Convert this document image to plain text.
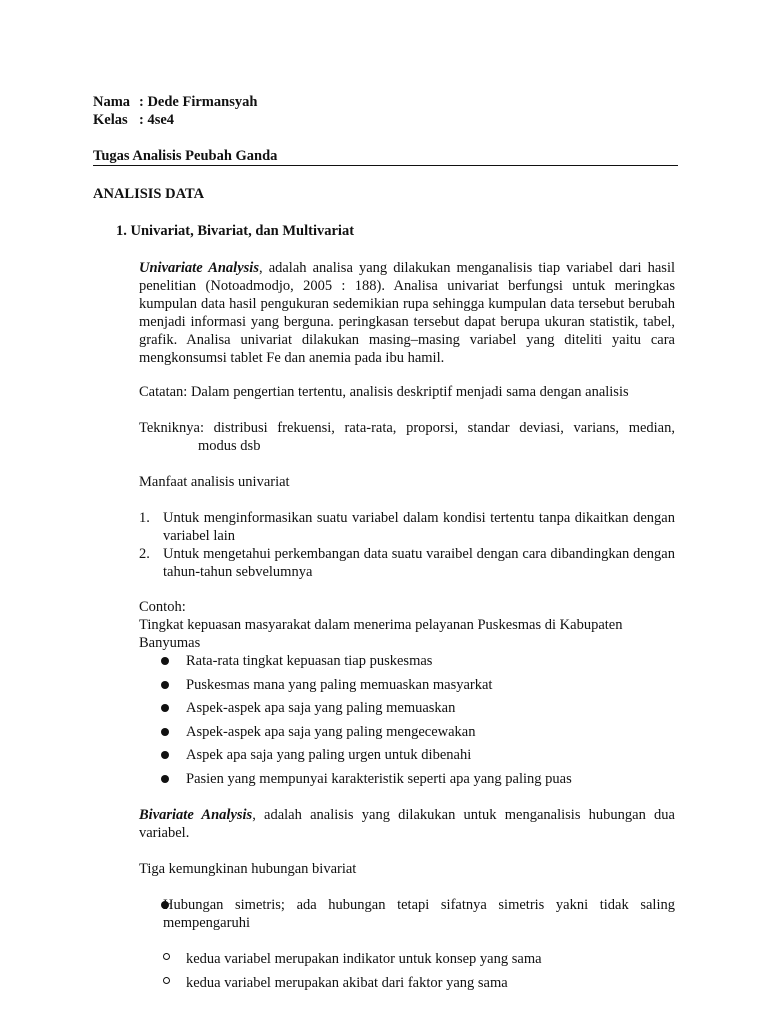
Nama : Dede Firmansyah
Kelas : 4se4
Tugas Analisis Peubah Ganda
ANALISIS DATA
1. Univariat, Bivariat, dan Multivariat
Univariate Analysis, adalah analisa yang dilakukan menganalisis tiap variabel dari hasil penelitian (Notoadmodjo, 2005 : 188). Analisa univariat berfungsi untuk meringkas kumpulan data hasil pengukuran sedemikian rupa sehingga kumpulan data tersebut berubah menjadi informasi yang berguna. peringkasan tersebut dapat berupa ukuran statistik, tabel, grafik. Analisa univariat dilakukan masing–masing variabel yang diteliti yaitu cara mengkonsumsi tablet Fe dan anemia pada ibu hamil.
Catatan: Dalam pengertian tertentu, analisis deskriptif menjadi sama dengan analisis
Tekniknya: distribusi frekuensi, rata-rata, proporsi, standar deviasi, varians, median,
modus dsb
Manfaat analisis univariat
1. Untuk menginformasikan suatu variabel dalam kondisi tertentu tanpa dikaitkan dengan variabel lain
2. Untuk mengetahui perkembangan data suatu varaibel dengan cara dibandingkan dengan tahun-tahun sebvelumnya
Contoh:
Tingkat kepuasan masyarakat dalam menerima pelayanan Puskesmas di Kabupaten Banyumas
Rata-rata tingkat kepuasan tiap puskesmas
Puskesmas mana yang paling memuaskan masyarkat
Aspek-aspek apa saja yang paling memuaskan
Aspek-aspek apa saja yang paling mengecewakan
Aspek apa saja yang paling urgen untuk dibenahi
Pasien yang mempunyai karakteristik seperti apa yang paling puas
Bivariate Analysis, adalah analisis yang dilakukan untuk menganalisis hubungan dua variabel.
Tiga kemungkinan hubungan bivariat
Hubungan simetris; ada hubungan tetapi sifatnya simetris yakni tidak saling mempengaruhi
kedua variabel merupakan indikator untuk konsep yang sama
kedua variabel merupakan akibat dari faktor yang sama
